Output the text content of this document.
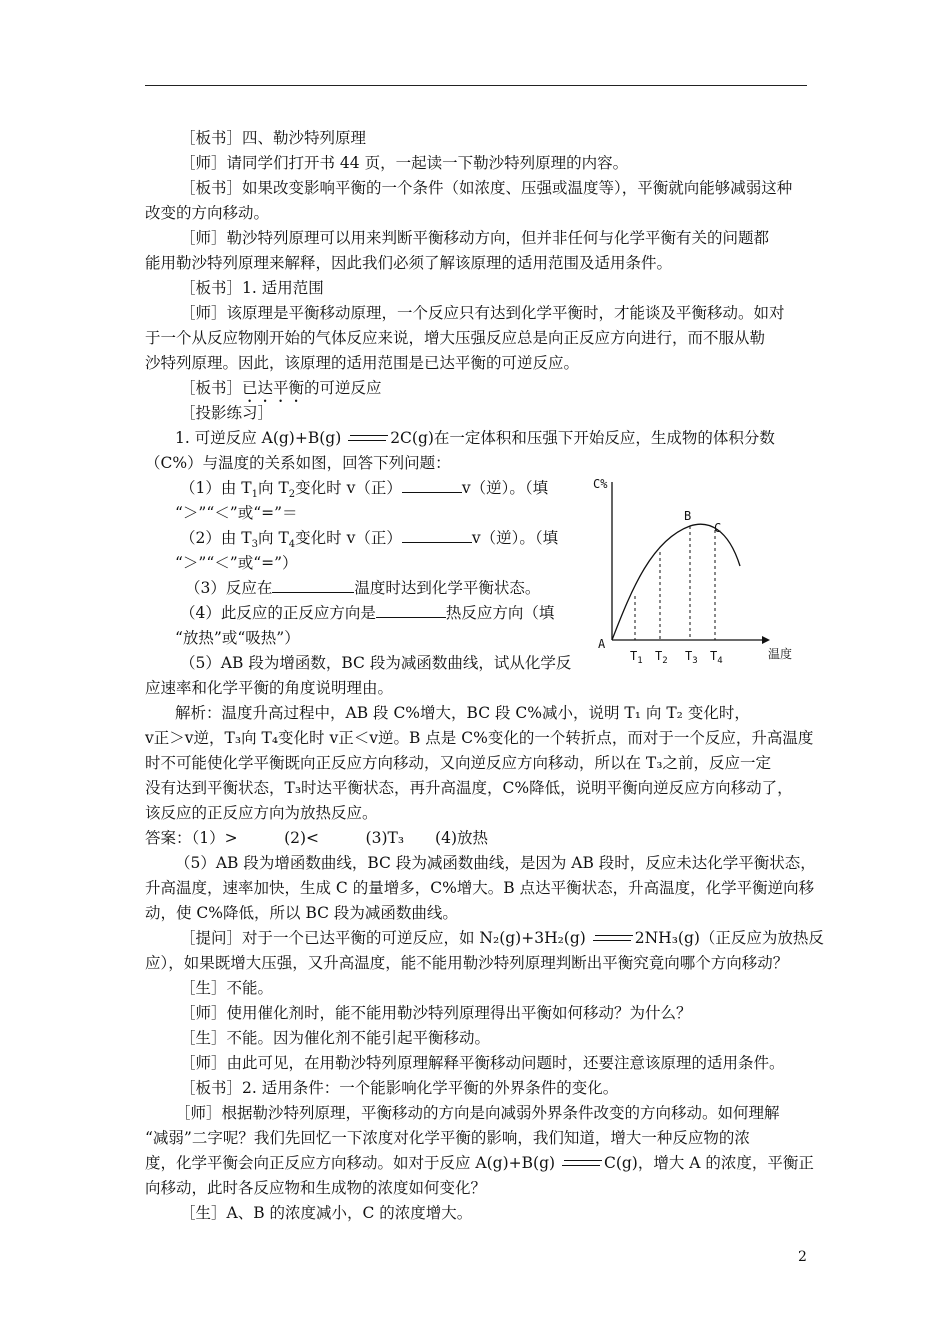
［板书］四、勒沙特列原理
［师］请同学们打开书 44 页，一起读一下勒沙特列原理的内容。
［板书］如果改变影响平衡的一个条件（如浓度、压强或温度等），平衡就向能够减弱这种
改变的方向移动。
［师］勒沙特列原理可以用来判断平衡移动方向，但并非任何与化学平衡有关的问题都
能用勒沙特列原理来解释，因此我们必须了解该原理的适用范围及适用条件。
［板书］1. 适用范围
［师］该原理是平衡移动原理，一个反应只有达到化学平衡时，才能谈及平衡移动。如对
于一个从反应物刚开始的气体反应来说，增大压强反应总是向正反应方向进行，而不服从勒
沙特列原理。因此，该原理的适用范围是已达平衡的可逆反应。
［板书］已达平衡的可逆反应
［投影练习］
1. 可逆反应 A(g)+B(g)	2C(g)在一定体积和压强下开始反应，生成物的体积分数
（C%）与温度的关系如图，回答下列问题：
（1）由 $T_1$向 $T_2$变化时 v（正）	v（逆）。（填
“＞”“＜”或“=”＝
（2）由 $T_3$向 $T_4$变化时 v（正）	v（逆）。（填
“＞”“＜”或“=”）
（3）反应在	温度时达到化学平衡状态。
（4）此反应的正反应方向是	热反应方向（填
“放热”或“吸热”）
（5）AB 段为增函数，BC 段为减函数曲线，试从化学反
应速率和化学平衡的角度说明理由。
C%
温度
A
B
C
$T_1$ $T_2$ $T_3$ $T_4$
解析：温度升高过程中，AB 段 C%增大，BC 段 C%减小，说明 T₁ 向 T₂ 变化时，
v正＞v逆，T₃向 T₄变化时 v正＜v逆。B 点是 C%变化的一个转折点，而对于一个反应，升高温度
时不可能使化学平衡既向正反应方向移动，又向逆反应方向移动，所以在 T₃之前，反应一定
没有达到平衡状态，T₃时达平衡状态，再升高温度，C%降低，说明平衡向逆反应方向移动了，
该反应的正反应方向为放热反应。
答案：（1）>　　　(2)<　　　(3)T₃　　(4)放热
（5）AB 段为增函数曲线，BC 段为减函数曲线，是因为 AB 段时，反应未达化学平衡状态，
升高温度，速率加快，生成 C 的量增多，C%增大。B 点达平衡状态，升高温度，化学平衡逆向移
动，使 C%降低，所以 BC 段为减函数曲线。
［提问］对于一个已达平衡的可逆反应，如 N₂(g)+3H₂(g)	2NH₃(g)（正反应为放热反
应），如果既增大压强，又升高温度，能不能用勒沙特列原理判断出平衡究竟向哪个方向移动？
［生］不能。
［师］使用催化剂时，能不能用勒沙特列原理得出平衡如何移动？为什么？
［生］不能。因为催化剂不能引起平衡移动。
［师］由此可见，在用勒沙特列原理解释平衡移动问题时，还要注意该原理的适用条件。
［板书］2. 适用条件：一个能影响化学平衡的外界条件的变化。
［师］根据勒沙特列原理，平衡移动的方向是向减弱外界条件改变的方向移动。如何理解
“减弱”二字呢？我们先回忆一下浓度对化学平衡的影响，我们知道，增大一种反应物的浓
度，化学平衡会向正反应方向移动。如对于反应 A(g)+B(g)	C(g)，增大 A 的浓度，平衡正
向移动，此时各反应物和生成物的浓度如何变化？
［生］A、B 的浓度减小，C 的浓度增大。
2
